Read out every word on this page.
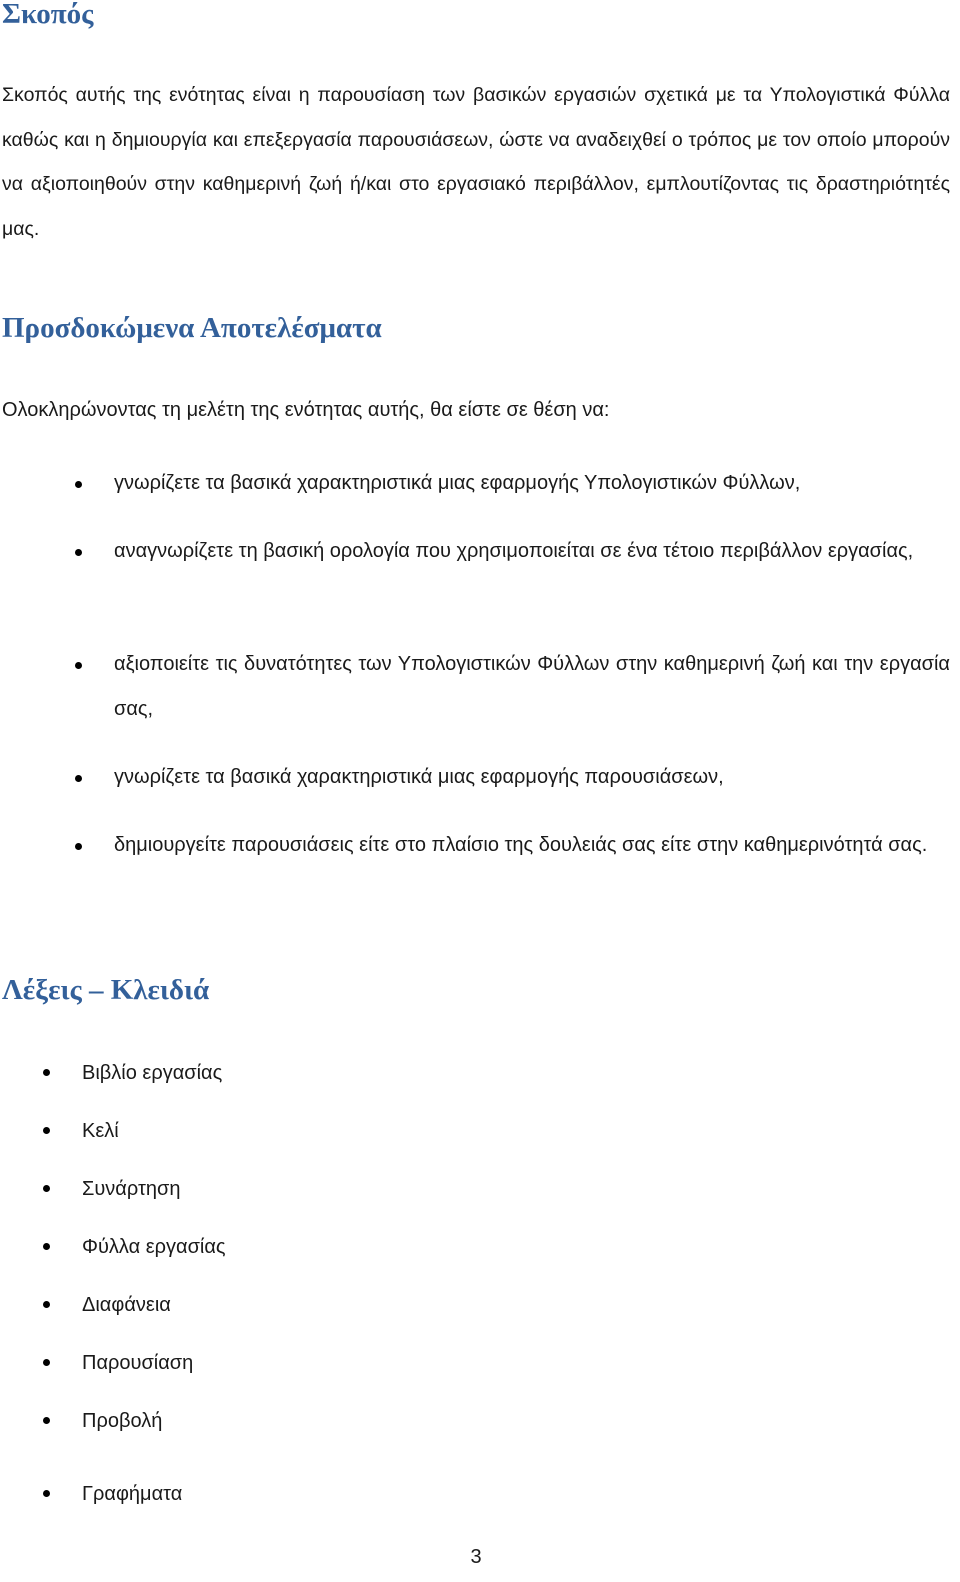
Σκοπός
Σκοπός αυτής της ενότητας είναι η παρουσίαση των βασικών εργασιών σχετικά με τα Υπολογιστικά Φύλλα καθώς και η δημιουργία και επεξεργασία παρουσιάσεων, ώστε να αναδειχθεί ο τρόπος με τον οποίο μπορούν να αξιοποιηθούν στην καθημερινή ζωή ή/και στο εργασιακό περιβάλλον, εμπλουτίζοντας τις δραστηριότητές μας.
Προσδοκώμενα Αποτελέσματα

Ολοκληρώνοντας τη μελέτη της ενότητας αυτής, θα είστε σε θέση να:

γνωρίζετε τα βασικά χαρακτηριστικά μιας εφαρμογής Υπολογιστικών Φύλλων,

αναγνωρίζετε τη βασική ορολογία που χρησιμοποιείται σε ένα τέτοιο περιβάλλον εργασίας,

αξιοποιείτε τις δυνατότητες των Υπολογιστικών Φύλλων στην καθημερινή ζωή και την εργασία σας,

γνωρίζετε τα βασικά χαρακτηριστικά μιας εφαρμογής παρουσιάσεων,

δημιουργείτε παρουσιάσεις είτε στο πλαίσιο της δουλειάς σας είτε στην καθημερινότητά σας.

Λέξεις – Κλειδιά

Βιβλίο εργασίας

Κελί

Συνάρτηση

Φύλλα εργασίας

Διαφάνεια

Παρουσίαση

Προβολή

Γραφήματα

3
